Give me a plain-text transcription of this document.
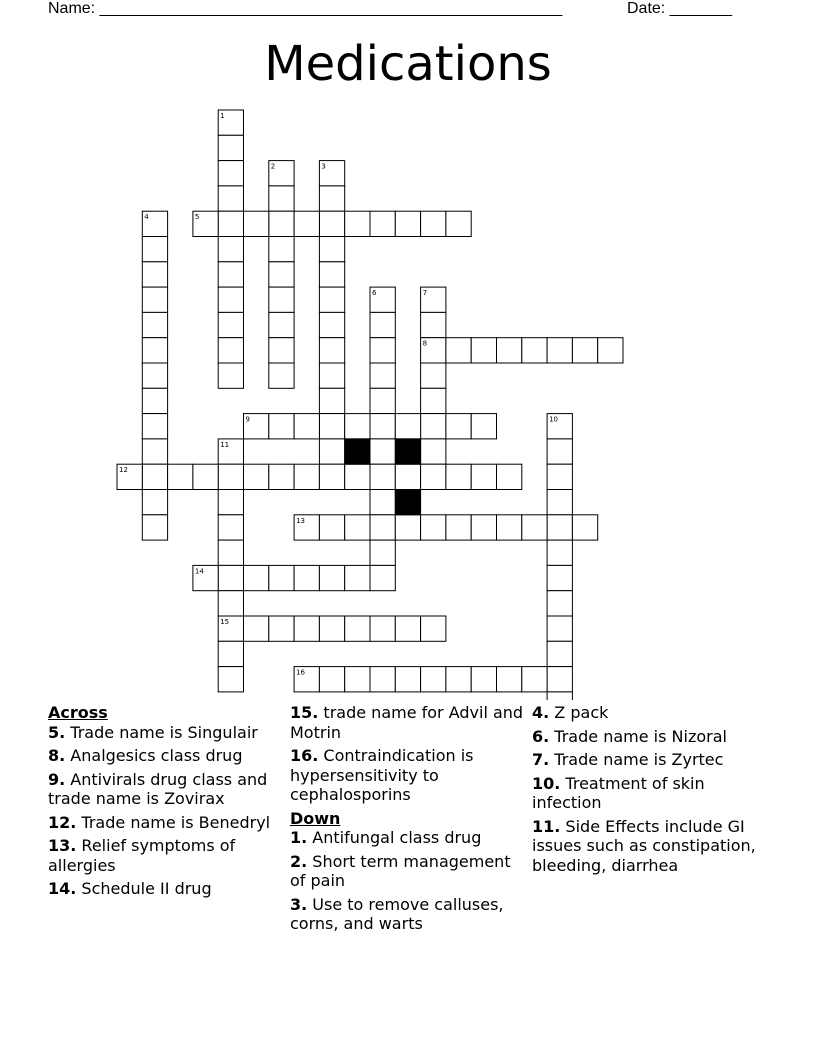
Name: ____________________________________________________	Date: _______
Medications
1
2	3
4	5
6	7
8
9	10
11
12
13
14
15
16

Across

5. Trade name is Singulair

8. Analgesics class drug

9. Antivirals drug class and trade name is Zovirax

12. Trade name is Benedryl

13. Relief symptoms of allergies

14. Schedule II drug

15. trade name for Advil and Motrin

16. Contraindication is hypersensitivity to cephalosporins

Down

1. Antifungal class drug

2. Short term management of pain

3. Use to remove calluses, corns, and warts

4. Z pack

6. Trade name is Nizoral

7. Trade name is Zyrtec

10. Treatment of skin infection

11. Side Effects include GI issues such as constipation, bleeding, diarrhea
